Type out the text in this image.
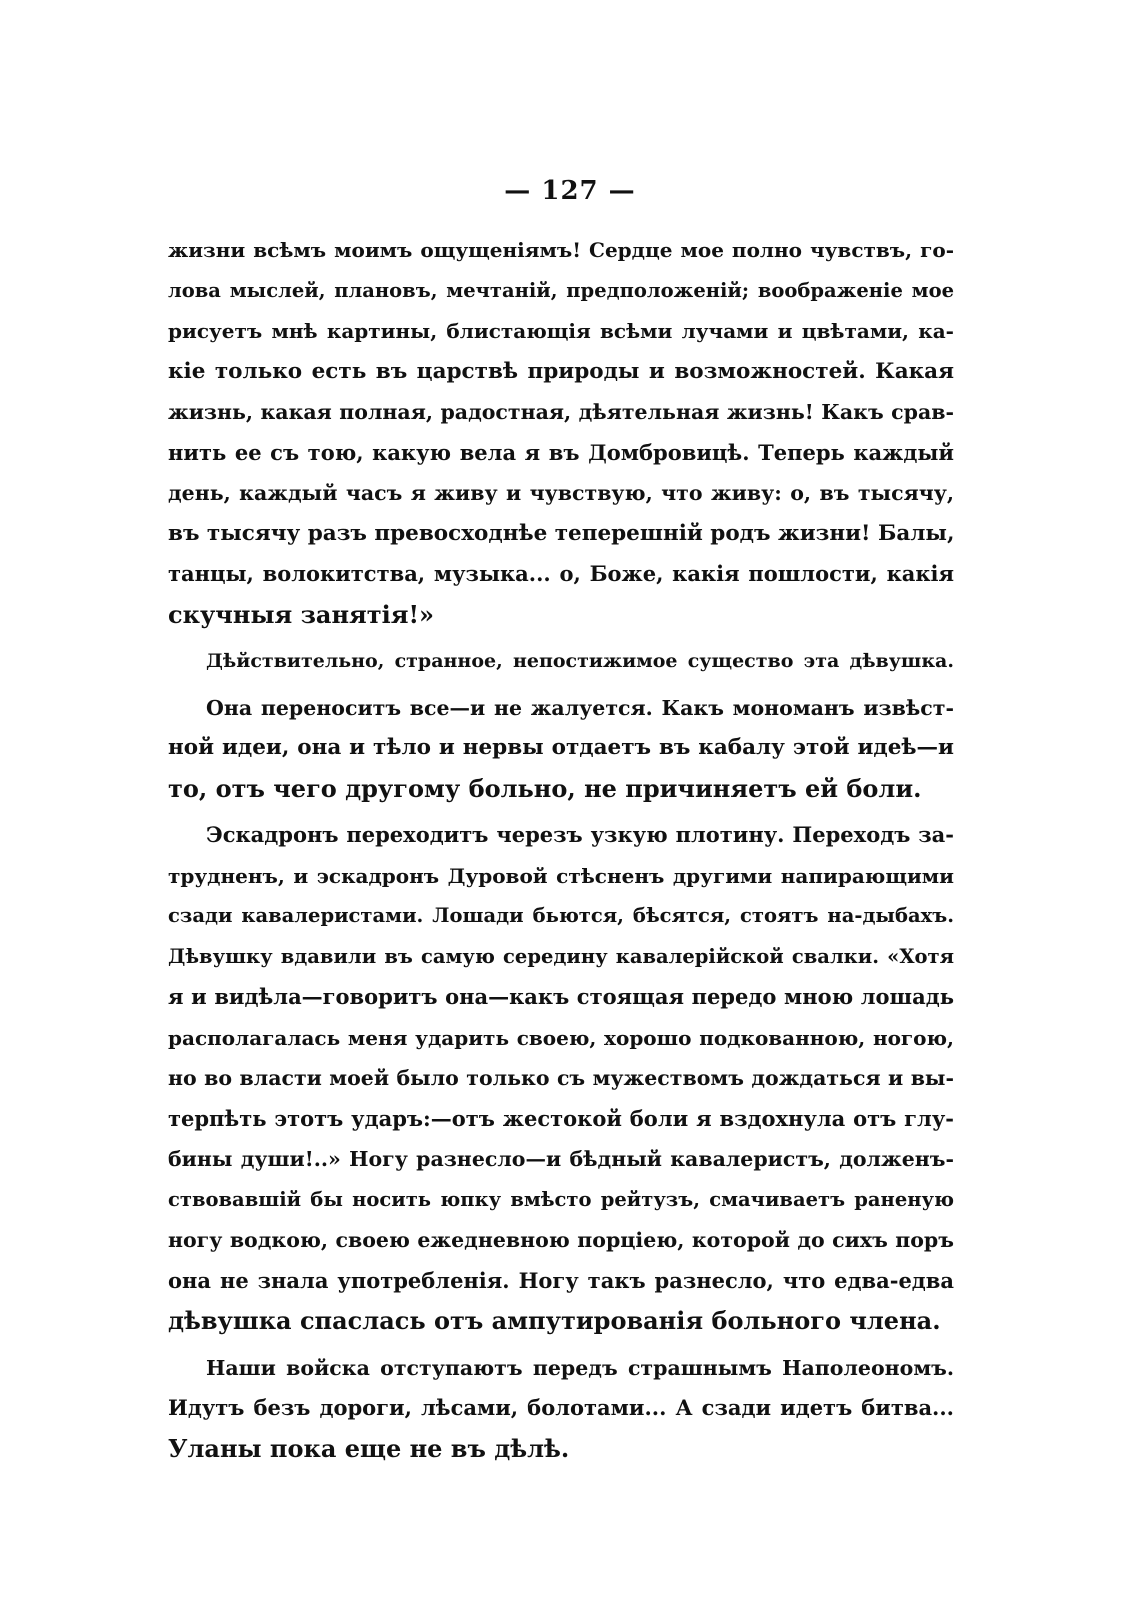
— 127 —
жизни всѣмъ моимъ ощущеніямъ! Сердце мое полно чувствъ, го-
лова мыслей, плановъ, мечтаній, предположеній; воображеніе мое
рисуетъ мнѣ картины, блистающія всѣми лучами и цвѣтами, ка-
кіе только есть въ царствѣ природы и возможностей. Какая
жизнь, какая полная, радостная, дѣятельная жизнь! Какъ срав-
нить ее съ тою, какую вела я въ Домбровицѣ. Теперь каждый
день, каждый часъ я живу и чувствую, что живу: о, въ тысячу,
въ тысячу разъ превосходнѣе теперешній родъ жизни! Балы,
танцы, волокитства, музыка... о, Боже, какія пошлости, какія
скучныя занятія!»
Дѣйствительно, странное, непостижимое существо эта дѣвушка.
Она переноситъ все—и не жалуется. Какъ мономанъ извѣст-
ной идеи, она и тѣло и нервы отдаетъ въ кабалу этой идеѣ—и
то, отъ чего другому больно, не причиняетъ ей боли.
Эскадронъ переходитъ черезъ узкую плотину. Переходъ за-
трудненъ, и эскадронъ Дуровой стѣсненъ другими напирающими
сзади кавалеристами. Лошади бьются, бѣсятся, стоятъ на-дыбахъ.
Дѣвушку вдавили въ самую середину кавалерійской свалки. «Хотя
я и видѣла—говоритъ она—какъ стоящая передо мною лошадь
располагалась меня ударить своею, хорошо подкованною, ногою,
но во власти моей было только съ мужествомъ дождаться и вы-
терпѣть этотъ ударъ:—отъ жестокой боли я вздохнула отъ глу-
бины души!..» Ногу разнесло—и бѣдный кавалеристъ, долженъ-
ствовавшій бы носить юпку вмѣсто рейтузъ, смачиваетъ раненую
ногу водкою, своею ежедневною порціею, которой до сихъ поръ
она не знала употребленія. Ногу такъ разнесло, что едва-едва
дѣвушка спаслась отъ ампутированія больного члена.
Наши войска отступаютъ передъ страшнымъ Наполеономъ.
Идутъ безъ дороги, лѣсами, болотами... А сзади идетъ битва...
Уланы пока еще не въ дѣлѣ.
